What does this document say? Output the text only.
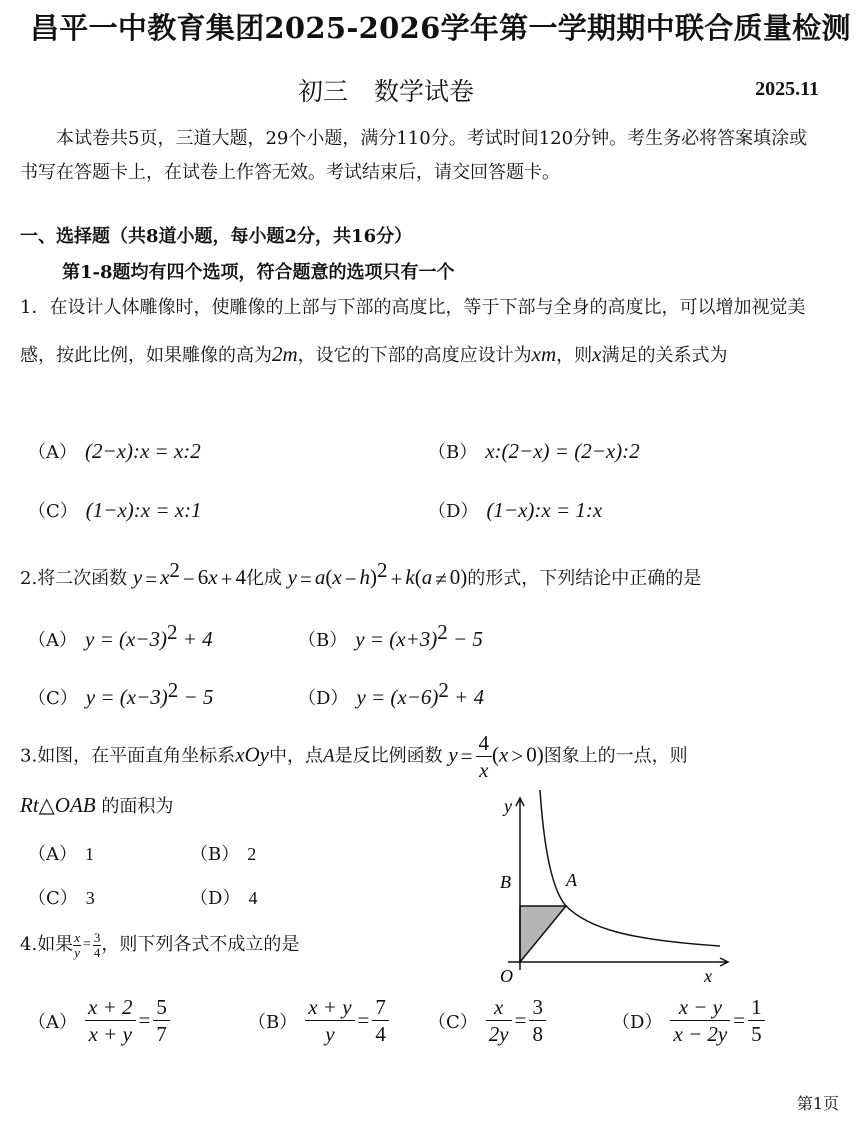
昌平一中教育集团2025-2026学年第一学期期中联合质量检测
初三 数学试卷	2025.11
本试卷共5页，三道大题，29个小题，满分110分。考试时间120分钟。考生务必将答案填涂或书写在答题卡上，在试卷上作答无效。考试结束后，请交回答题卡。
一、选择题（共8道小题，每小题2分，共16分）
第1-8题均有四个选项，符合题意的选项只有一个
1．在设计人体雕像时，使雕像的上部与下部的高度比，等于下部与全身的高度比，可以增加视觉美感，按此比例，如果雕像的高为2m，设它的下部的高度应设计为xm，则x满足的关系式为
（A） (2−x):x = x:2	（B） x:(2−x) = (2−x):2
（C） (1−x):x = x:1	（D） (1−x):x = 1:x
2.将二次函数 $y = x^2 - 6x + 4$化成 $y = a(x - h)^2 + k(a \ne 0)$的形式，下列结论中正确的是
（A） $y = (x-3)^2 + 4$	（B） $y = (x+3)^2 - 5$
（C） $y = (x-3)^2 - 5$	（D） $y = (x-6)^2 + 4$
3.如图，在平面直角坐标系xOy中，点A是反比例函数 $y = \frac{4}{x} (x > 0)$图象上的一点，则
Rt△OAB 的面积为
（A） 1	（B） 2
（C） 3	（D） 4
y
x
O
B	A
4.如果 $\frac{x}{y} = \frac{3}{4}$ ，则下列各式不成立的是
$(A) \frac{x + 2}{x + y} = \frac{5}{7}$	$(B) \frac{x + y}{y} = \frac{7}{4} (C) \frac{x}{2y} = \frac{3}{8}$	$(D) \frac{x - y}{x - 2y} = \frac{1}{5}$
第1页
